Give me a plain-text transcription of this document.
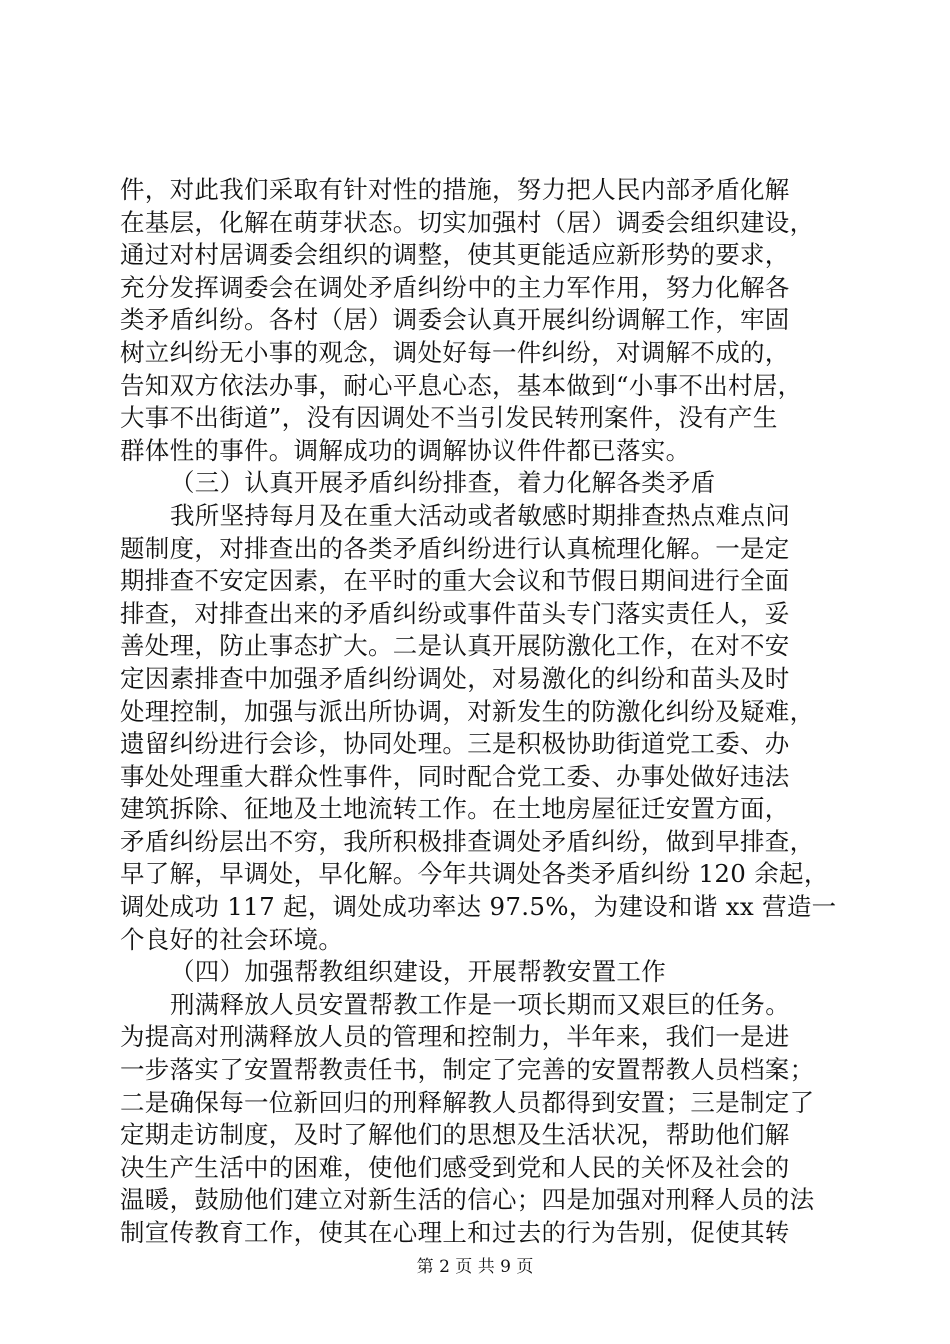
件，对此我们采取有针对性的措施，努力把人民内部矛盾化解
在基层，化解在萌芽状态。切实加强村（居）调委会组织建设，
通过对村居调委会组织的调整，使其更能适应新形势的要求，
充分发挥调委会在调处矛盾纠纷中的主力军作用，努力化解各
类矛盾纠纷。各村（居）调委会认真开展纠纷调解工作，牢固
树立纠纷无小事的观念，调处好每一件纠纷，对调解不成的，
告知双方依法办事，耐心平息心态，基本做到“小事不出村居，
大事不出街道”，没有因调处不当引发民转刑案件，没有产生
群体性的事件。调解成功的调解协议件件都已落实。
（三）认真开展矛盾纠纷排查，着力化解各类矛盾
我所坚持每月及在重大活动或者敏感时期排查热点难点问
题制度，对排查出的各类矛盾纠纷进行认真梳理化解。一是定
期排查不安定因素，在平时的重大会议和节假日期间进行全面
排查，对排查出来的矛盾纠纷或事件苗头专门落实责任人，妥
善处理，防止事态扩大。二是认真开展防激化工作，在对不安
定因素排查中加强矛盾纠纷调处，对易激化的纠纷和苗头及时
处理控制，加强与派出所协调，对新发生的防激化纠纷及疑难，
遗留纠纷进行会诊，协同处理。三是积极协助街道党工委、办
事处处理重大群众性事件，同时配合党工委、办事处做好违法
建筑拆除、征地及土地流转工作。在土地房屋征迁安置方面，
矛盾纠纷层出不穷，我所积极排查调处矛盾纠纷，做到早排查，
早了解，早调处，早化解。今年共调处各类矛盾纠纷 120 余起，
调处成功 117 起，调处成功率达 97.5%，为建设和谐 xx 营造一
个良好的社会环境。
（四）加强帮教组织建设，开展帮教安置工作
刑满释放人员安置帮教工作是一项长期而又艰巨的任务。
为提高对刑满释放人员的管理和控制力，半年来，我们一是进
一步落实了安置帮教责任书，制定了完善的安置帮教人员档案；
二是确保每一位新回归的刑释解教人员都得到安置；三是制定了
定期走访制度，及时了解他们的思想及生活状况，帮助他们解
决生产生活中的困难，使他们感受到党和人民的关怀及社会的
温暖，鼓励他们建立对新生活的信心；四是加强对刑释人员的法
制宣传教育工作，使其在心理上和过去的行为告别，促使其转
第 2 页 共 9 页
